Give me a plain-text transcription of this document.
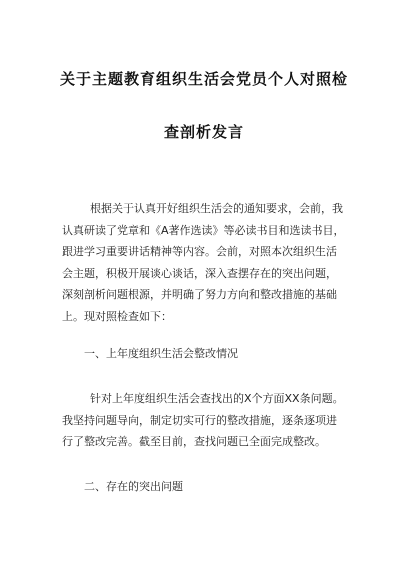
关于主题教育组织生活会党员个人对照检
查剖析发言
根据关于认真开好组织生活会的通知要求，会前，我
认真研读了党章和《A著作选读》等必读书目和选读书目，
跟进学习重要讲话精神等内容。会前，对照本次组织生活
会主题，积极开展谈心谈话，深入查摆存在的突出问题，
深刻剖析问题根源，并明确了努力方向和整改措施的基础
上。现对照检查如下：
一、上年度组织生活会整改情况
针对上年度组织生活会查找出的X个方面XX条问题。
我坚持问题导向，制定切实可行的整改措施，逐条逐项进
行了整改完善。截至目前，查找问题已全面完成整改。
二、存在的突出问题
